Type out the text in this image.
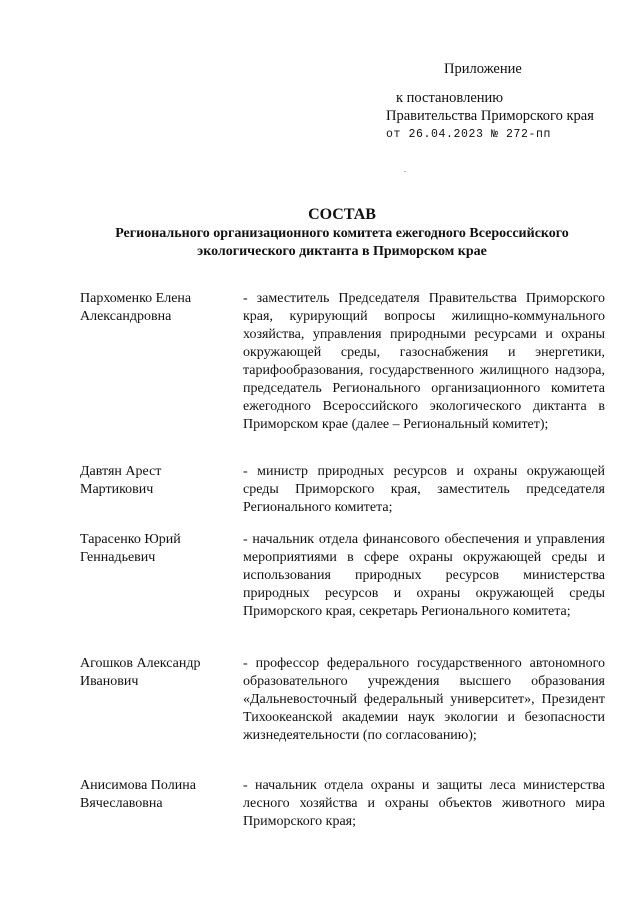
Приложение
к постановлению
Правительства Приморского края
от 26.04.2023 № 272-пп
СОСТАВ
Регионального организационного комитета ежегодного Всероссийского
экологического диктанта в Приморском крае
Пархоменко Елена
Александровна
- заместитель Председателя Правительства Приморского края, курирующий вопросы жилищно-коммунального хозяйства, управления природными ресурсами и охраны окружающей среды, газоснабжения и энергетики, тарифообразования, государственного жилищного надзора, председатель Регионального организационного комитета ежегодного Всероссийского экологического диктанта в Приморском крае (далее – Региональный комитет);
Давтян Арест
Мартикович
- министр природных ресурсов и охраны окружающей среды Приморского края, заместитель председателя Регионального комитета;
Тарасенко Юрий
Геннадьевич
- начальник отдела финансового обеспечения и управления мероприятиями в сфере охраны окружающей среды и использования природных ресурсов министерства природных ресурсов и охраны окружающей среды Приморского края, секретарь Регионального комитета;
Агошков Александр
Иванович
- профессор федерального государственного автономного образовательного учреждения высшего образования «Дальневосточный федеральный университет», Президент Тихоокеанской академии наук экологии и безопасности жизнедеятельности (по согласованию);
Анисимова Полина
Вячеславовна
- начальник отдела охраны и защиты леса министерства лесного хозяйства и охраны объектов животного мира Приморского края;
